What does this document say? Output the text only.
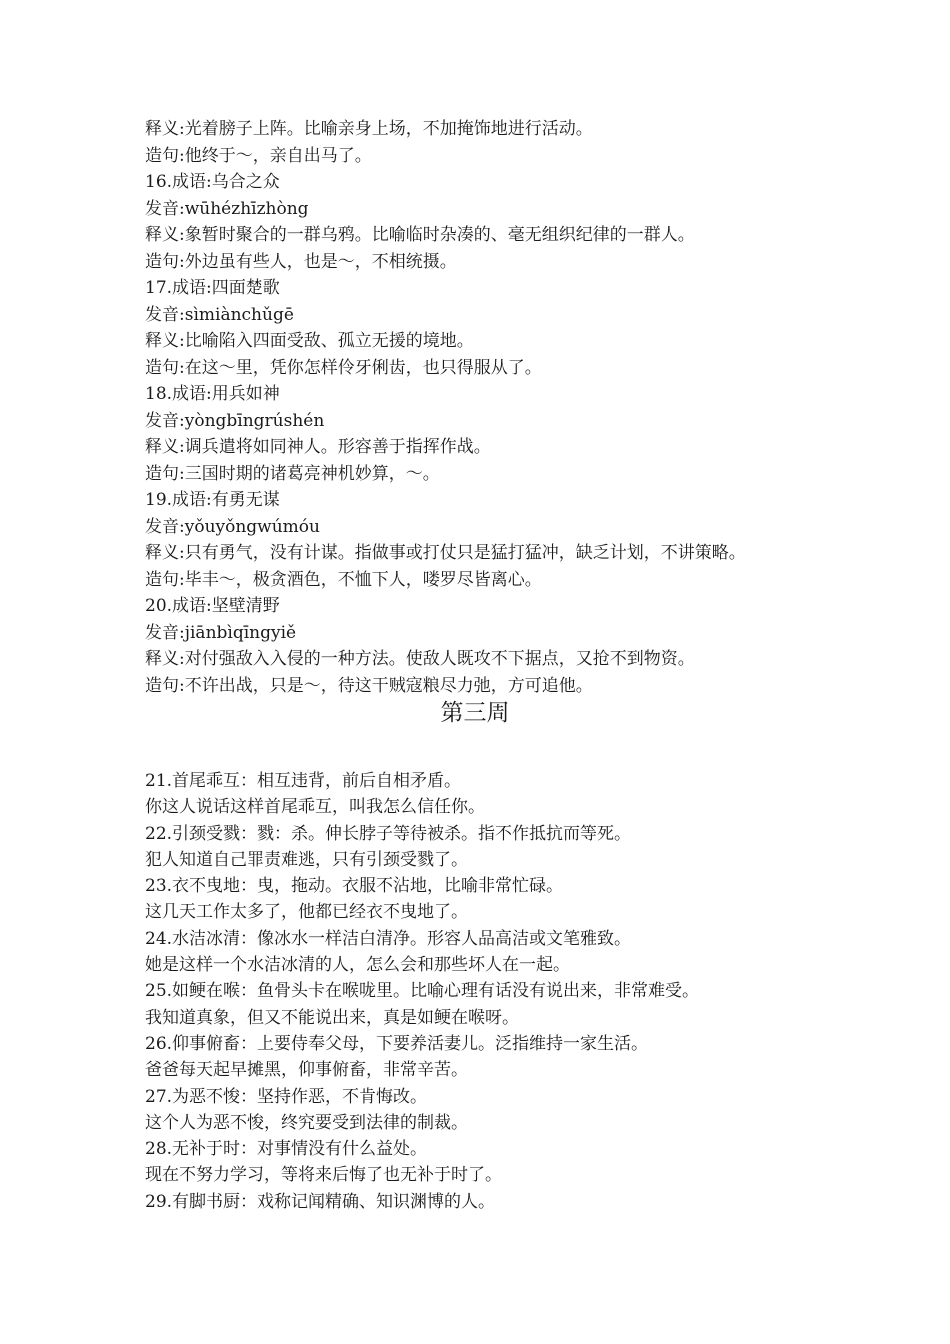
释义:光着膀子上阵。比喻亲身上场，不加掩饰地进行活动。
造句:他终于～，亲自出马了。
16.成语:乌合之众
发音:wūhézhīzhòng
释义:象暂时聚合的一群乌鸦。比喻临时杂凑的、毫无组织纪律的一群人。
造句:外边虽有些人，也是～，不相统摄。
17.成语:四面楚歌
发音:sìmiànchǔgē
释义:比喻陷入四面受敌、孤立无援的境地。
造句:在这～里，凭你怎样伶牙俐齿，也只得服从了。
18.成语:用兵如神
发音:yòngbīngrúshén
释义:调兵遣将如同神人。形容善于指挥作战。
造句:三国时期的诸葛亮神机妙算，～。
19.成语:有勇无谋
发音:yǒuyǒngwúmóu
释义:只有勇气，没有计谋。指做事或打仗只是猛打猛冲，缺乏计划，不讲策略。
造句:毕丰～，极贪酒色，不恤下人，喽罗尽皆离心。
20.成语:坚壁清野
发音:jiānbìqīngyiě
释义:对付强敌入入侵的一种方法。使敌人既攻不下据点，又抢不到物资。
造句:不许出战，只是～，待这干贼寇粮尽力弛，方可追他。
第三周
21.首尾乖互：相互违背，前后自相矛盾。
你这人说话这样首尾乖互，叫我怎么信任你。
22.引颈受戮：戮：杀。伸长脖子等待被杀。指不作抵抗而等死。
犯人知道自己罪责难逃，只有引颈受戮了。
23.衣不曳地：曳，拖动。衣服不沾地，比喻非常忙碌。
这几天工作太多了，他都已经衣不曳地了。
24.水洁冰清：像冰水一样洁白清净。形容人品高洁或文笔雅致。
她是这样一个水洁冰清的人，怎么会和那些坏人在一起。
25.如鲠在喉：鱼骨头卡在喉咙里。比喻心理有话没有说出来，非常难受。
我知道真象，但又不能说出来，真是如鲠在喉呀。
26.仰事俯畜：上要侍奉父母，下要养活妻儿。泛指维持一家生活。
爸爸每天起早摊黑，仰事俯畜，非常辛苦。
27.为恶不悛：坚持作恶，不肯悔改。
这个人为恶不悛，终究要受到法律的制裁。
28.无补于时：对事情没有什么益处。
现在不努力学习，等将来后悔了也无补于时了。
29.有脚书厨：戏称记闻精确、知识渊博的人。
